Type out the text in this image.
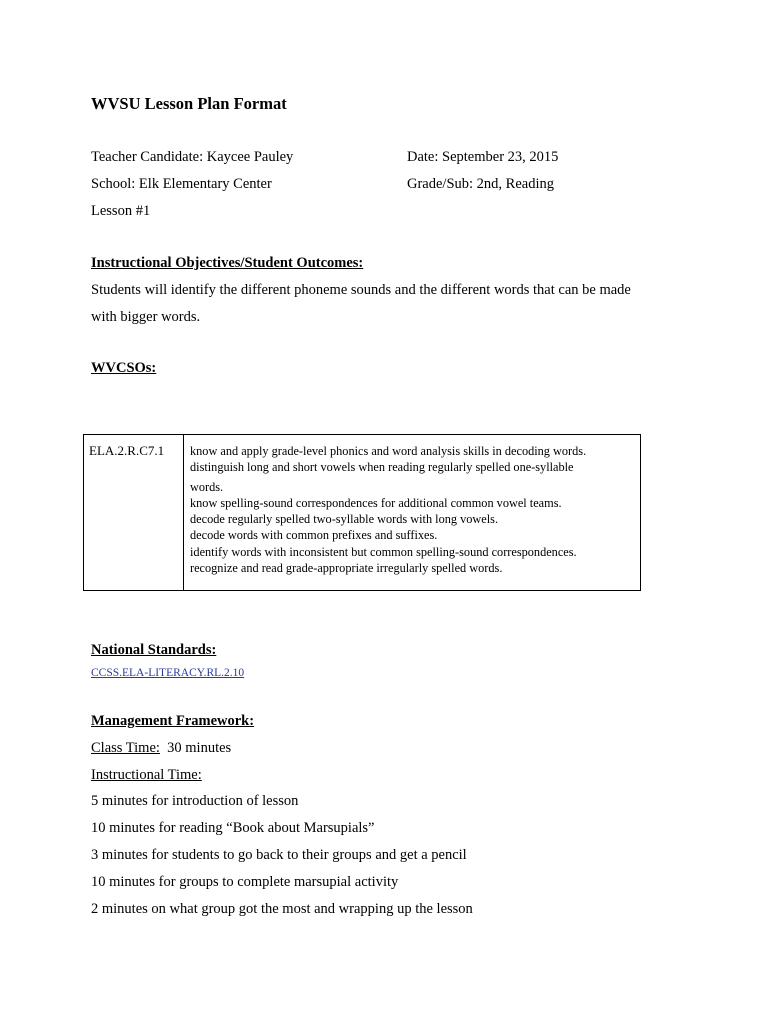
WVSU Lesson Plan Format
Teacher Candidate: Kaycee Pauley	Date: September 23, 2015
School: Elk Elementary Center	Grade/Sub: 2nd, Reading
Lesson #1
Instructional Objectives/Student Outcomes:
Students will identify the different phoneme sounds and the different words that can be made
with bigger words.
WVCSOs:
ELA.2.R.C7.1	know and apply grade-level phonics and word analysis skills in decoding words.
distinguish long and short vowels when reading regularly spelled one-syllable
words.
know spelling-sound correspondences for additional common vowel teams.
decode regularly spelled two-syllable words with long vowels.
decode words with common prefixes and suffixes.
identify words with inconsistent but common spelling-sound correspondences.
recognize and read grade-appropriate irregularly spelled words.
National Standards:
CCSS.ELA-LITERACY.RL.2.10
Management Framework:
Class Time: 30 minutes
Instructional Time:
5 minutes for introduction of lesson
10 minutes for reading “Book about Marsupials”
3 minutes for students to go back to their groups and get a pencil
10 minutes for groups to complete marsupial activity
2 minutes on what group got the most and wrapping up the lesson
